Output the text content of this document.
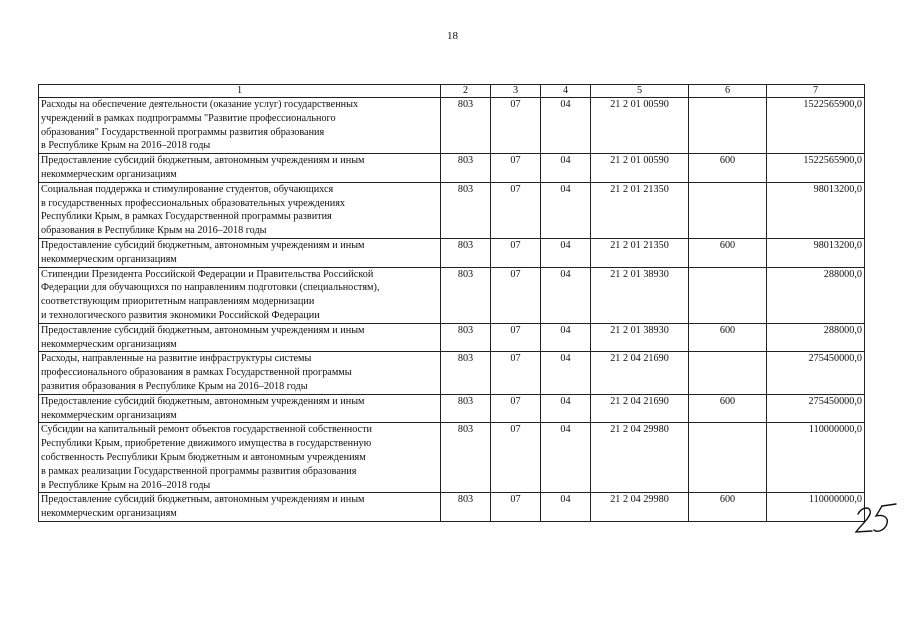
18
1	2	3	4	5	6	7

Расходы на обеспечение деятельности (оказание услуг) государственных
учреждений в рамках подпрограммы "Развитие профессионального
образования" Государственной программы развития образования
в Республике Крым на 2016–2018 годы	803	07	04	21 2 01 00590		1522565900,0

Предоставление субсидий бюджетным, автономным учреждениям и иным
некоммерческим организациям	803	07	04	21 2 01 00590	600	1522565900,0

Социальная поддержка и стимулирование студентов, обучающихся
в государственных профессиональных образовательных учреждениях
Республики Крым, в рамках Государственной программы развития
образования в Республике Крым на 2016–2018 годы	803	07	04	21 2 01 21350		98013200,0

Предоставление субсидий бюджетным, автономным учреждениям и иным
некоммерческим организациям	803	07	04	21 2 01 21350	600	98013200,0

Стипендии Президента Российской Федерации и Правительства Российской
Федерации для обучающихся по направлениям подготовки (специальностям),
соответствующим приоритетным направлениям модернизации
и технологического развития экономики Российской Федерации	803	07	04	21 2 01 38930		288000,0

Предоставление субсидий бюджетным, автономным учреждениям и иным
некоммерческим организациям	803	07	04	21 2 01 38930	600	288000,0

Расходы, направленные на развитие инфраструктуры системы
профессионального образования в рамках Государственной программы
развития образования в Республике Крым на 2016–2018 годы	803	07	04	21 2 04 21690		275450000,0

Предоставление субсидий бюджетным, автономным учреждениям и иным
некоммерческим организациям	803	07	04	21 2 04 21690	600	275450000,0

Субсидии на капитальный ремонт объектов государственной собственности
Республики Крым, приобретение движимого имущества в государственную
собственность Республики Крым бюджетным и автономным учреждениям
в рамках реализации Государственной программы развития образования
в Республике Крым на 2016–2018 годы	803	07	04	21 2 04 29980		110000000,0

Предоставление субсидий бюджетным, автономным учреждениям и иным
некоммерческим организациям	803	07	04	21 2 04 29980	600	110000000,0
